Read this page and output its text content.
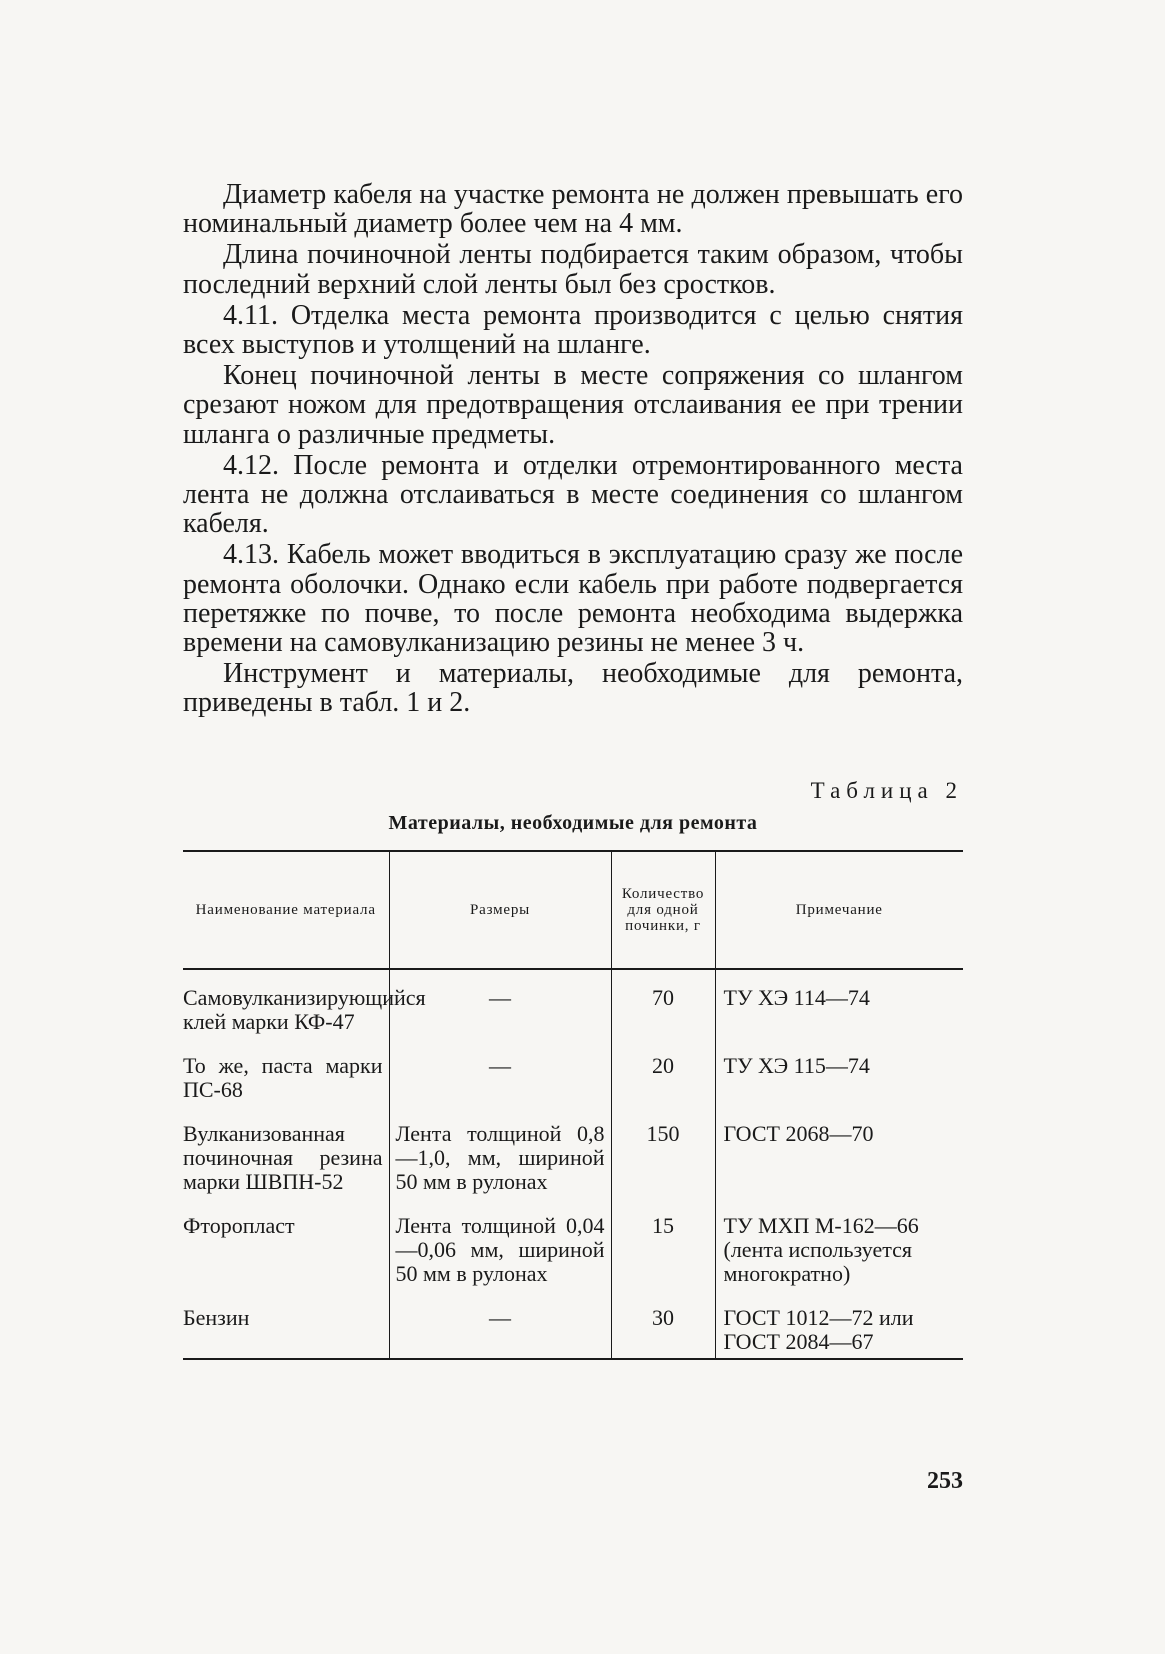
Диаметр кабеля на участке ремонта не должен превышать его номинальный диаметр более чем на 4 мм.

Длина починочной ленты подбирается таким образом, чтобы последний верхний слой ленты был без сростков.

4.11. Отделка места ремонта производится с целью снятия всех выступов и утолщений на шланге.

Конец починочной ленты в месте сопряжения со шлангом срезают ножом для предотвращения отслаивания ее при трении шланга о различные предметы.

4.12. После ремонта и отделки отремонтированного места лента не должна отслаиваться в месте соединения со шлангом кабеля.

4.13. Кабель может вводиться в эксплуатацию сразу же после ремонта оболочки. Однако если кабель при работе подвергается перетяжке по почве, то после ремонта необходима выдержка времени на самовулканизацию резины не менее 3 ч.

Инструмент и материалы, необходимые для ремонта, приведены в табл. 1 и 2.

Таблица 2
Материалы, необходимые для ремонта
Наименование материала	Размеры	Количество для одной починки, г	Примечание
Самовулканизирующийся клей марки КФ-47	—	70	ТУ ХЭ 114—74
То же, паста марки ПС-68	—	20	ТУ ХЭ 115—74
Вулканизованная починочная резина марки ШВПН-52	Лента толщиной 0,8—1,0, мм, шириной 50 мм в рулонах	150	ГОСТ 2068—70
Фторопласт	Лента толщиной 0,04—0,06 мм, шириной 50 мм в рулонах	15	ТУ МХП М-162—66 (лента используется многократно)
Бензин	—	30	ГОСТ 1012—72 или ГОСТ 2084—67
253
